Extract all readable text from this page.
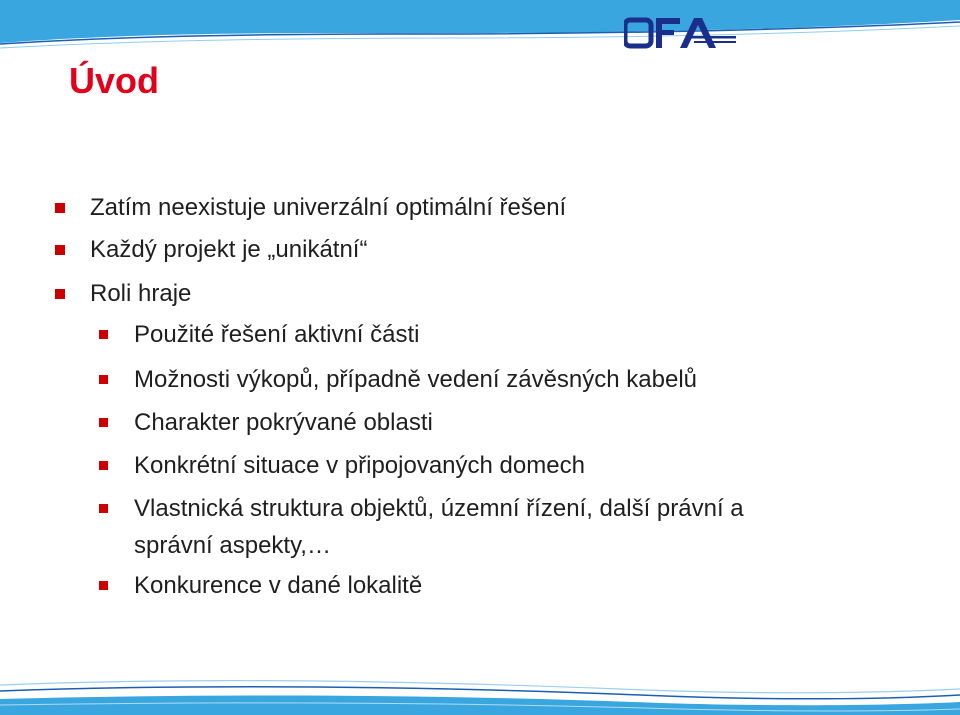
Úvod
Zatím neexistuje univerzální optimální řešení
Každý projekt je „unikátní“
Roli hraje
Použité řešení aktivní části
Možnosti výkopů, případně vedení závěsných kabelů
Charakter pokrývané oblasti
Konkrétní situace v připojovaných domech
Vlastnická struktura objektů, územní řízení, další právní a
správní aspekty,…
Konkurence v dané lokalitě
